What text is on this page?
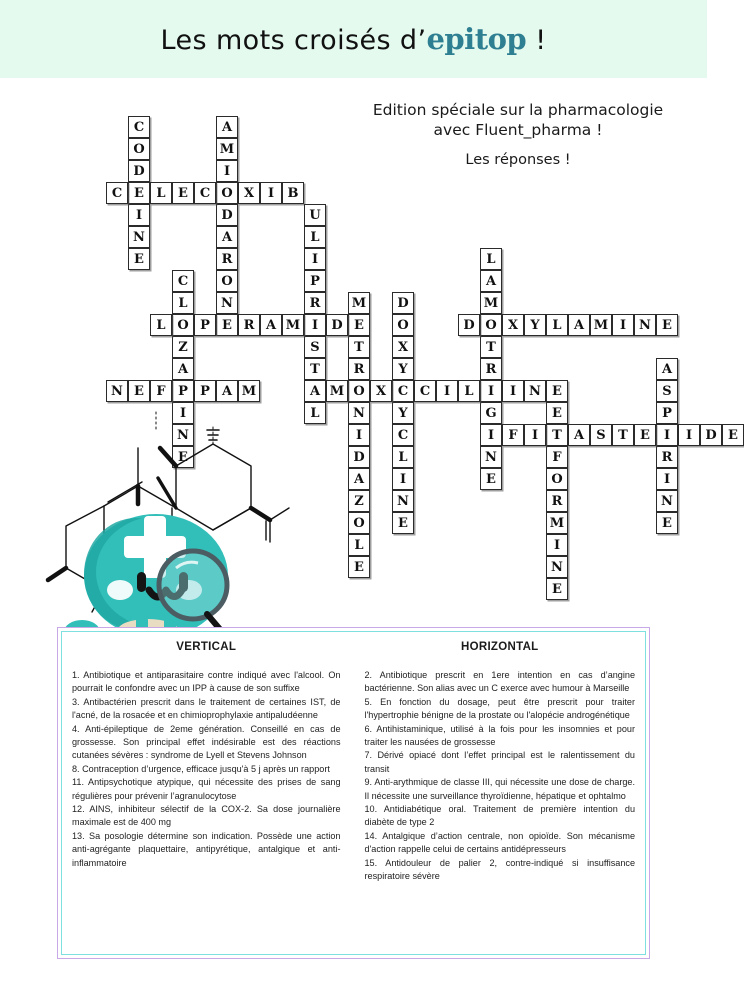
Les mots croisés d’epitop !
Edition spéciale sur la pharmacologie
avec Fluent_pharma !
Les réponses !
C
O
D
E
I
N
E
A
M
I
O
D
A
R
O
N
E
C	L E C	X	I	B
U
L
I
P
R
I
S
T
A
L
C
L
O
Z
A
P
I
N
E
L
A
M
O
T
R
I
G
I
N
E
M
E
T
R
O
N
I
D
A
Z
O
L
E
D
O
X
Y
C
Y
C
L
I
N
E
L	P	R A M	D	D	X Y L A M I	N E
A
S
P
I
R
I
N
E
N E F	P A M	M	X	C	I	L	I	N E
E
T
F
O
R
M
I
N
E
F	I	A S T E	I	D E
VERTICAL

1. Antibiotique et antiparasitaire contre indiqué avec l'alcool. On pourrait le confondre avec un IPP à cause de son suffixe

3. Antibactérien prescrit dans le traitement de certaines IST, de l'acné, de la rosacée et en chimioprophylaxie antipaludéenne

4. Anti-épileptique de 2eme génération. Conseillé en cas de grossesse. Son principal effet indésirable est des réactions cutanées sévères : syndrome de Lyell et Stevens Johnson

8. Contraception d’urgence, efficace jusqu'à 5 j après un rapport

11. Antipsychotique atypique, qui nécessite des prises de sang régulières pour prévenir l’agranulocytose

12. AINS, inhibiteur sélectif de la COX-2. Sa dose journalière maximale est de 400 mg

13. Sa posologie détermine son indication. Possède une action anti-agrégante plaquettaire, antipyrétique, antalgique et anti-inflammatoire

HORIZONTAL

2. Antibiotique prescrit en 1ere intention en cas d’angine bactérienne. Son alias avec un C exerce avec humour à Marseille

5. En fonction du dosage, peut être prescrit pour traiter l'hypertrophie bénigne de la prostate ou l'alopécie androgénétique

6. Antihistaminique, utilisé à la fois pour les insomnies et pour traiter les nausées de grossesse

7. Dérivé opiacé dont l’effet principal est le ralentissement du transit

9. Anti-arythmique de classe III, qui nécessite une dose de charge. Il nécessite une surveillance thyroïdienne, hépatique et ophtalmo

10. Antidiabétique oral. Traitement de première intention du diabète de type 2

14. Antalgique d’action centrale, non opioïde. Son mécanisme d'action rappelle celui de certains antidépresseurs

15. Antidouleur de palier 2, contre-indiqué si insuffisance respiratoire sévère
